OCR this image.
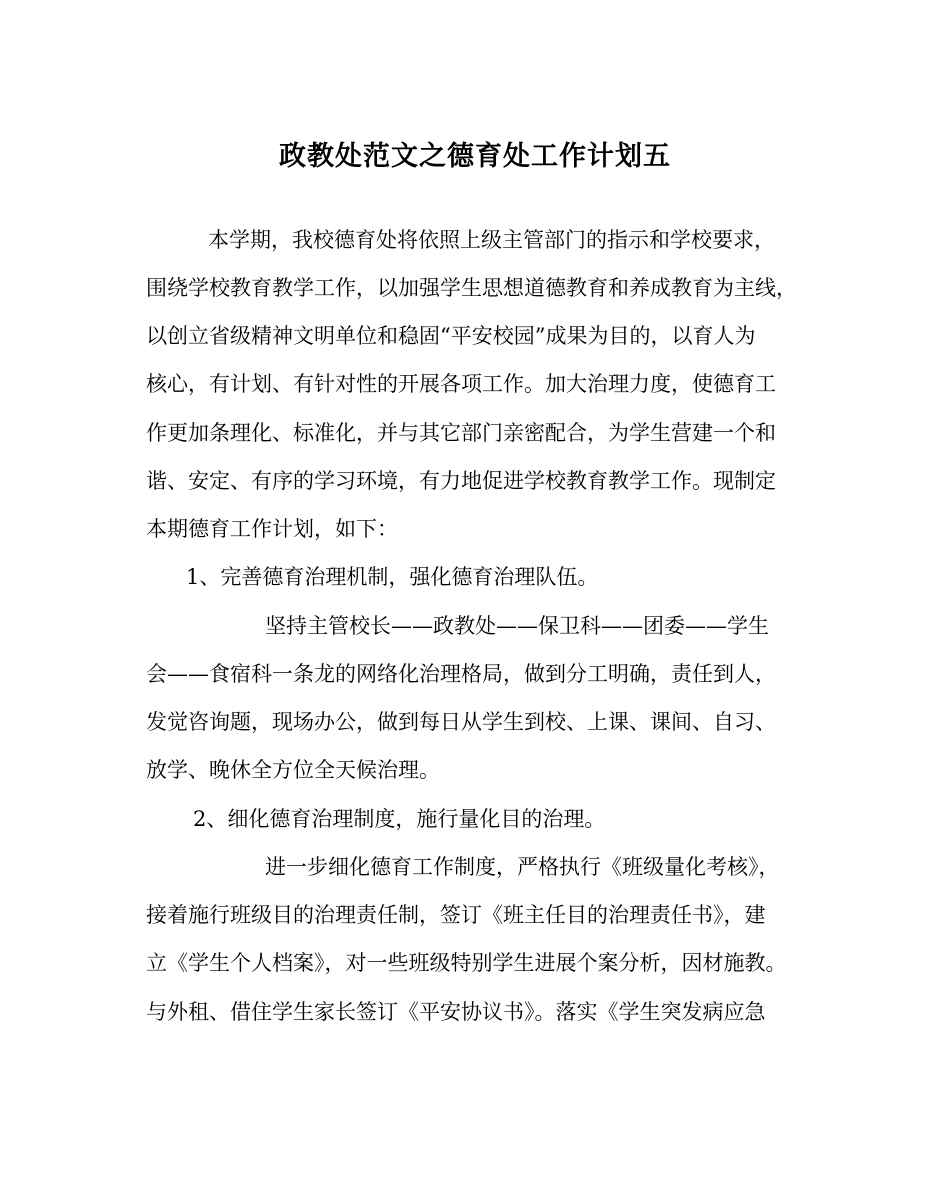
政教处范文之德育处工作计划五
本学期，我校德育处将依照上级主管部门的指示和学校要求，
围绕学校教育教学工作，以加强学生思想道德教育和养成教育为主线，
以创立省级精神文明单位和稳固“平安校园”成果为目的，以育人为
核心，有计划、有针对性的开展各项工作。加大治理力度，使德育工
作更加条理化、标准化，并与其它部门亲密配合，为学生营建一个和
谐、安定、有序的学习环境，有力地促进学校教育教学工作。现制定
本期德育工作计划，如下：
1、完善德育治理机制，强化德育治理队伍。
坚持主管校长——政教处——保卫科——团委——学生
会——食宿科一条龙的网络化治理格局，做到分工明确，责任到人，
发觉咨询题，现场办公，做到每日从学生到校、上课、课间、自习、
放学、晚休全方位全天候治理。
2、细化德育治理制度，施行量化目的治理。
进一步细化德育工作制度，严格执行《班级量化考核》，
接着施行班级目的治理责任制，签订《班主任目的治理责任书》，建
立《学生个人档案》，对一些班级特别学生进展个案分析，因材施教。
与外租、借住学生家长签订《平安协议书》。落实《学生突发病应急
